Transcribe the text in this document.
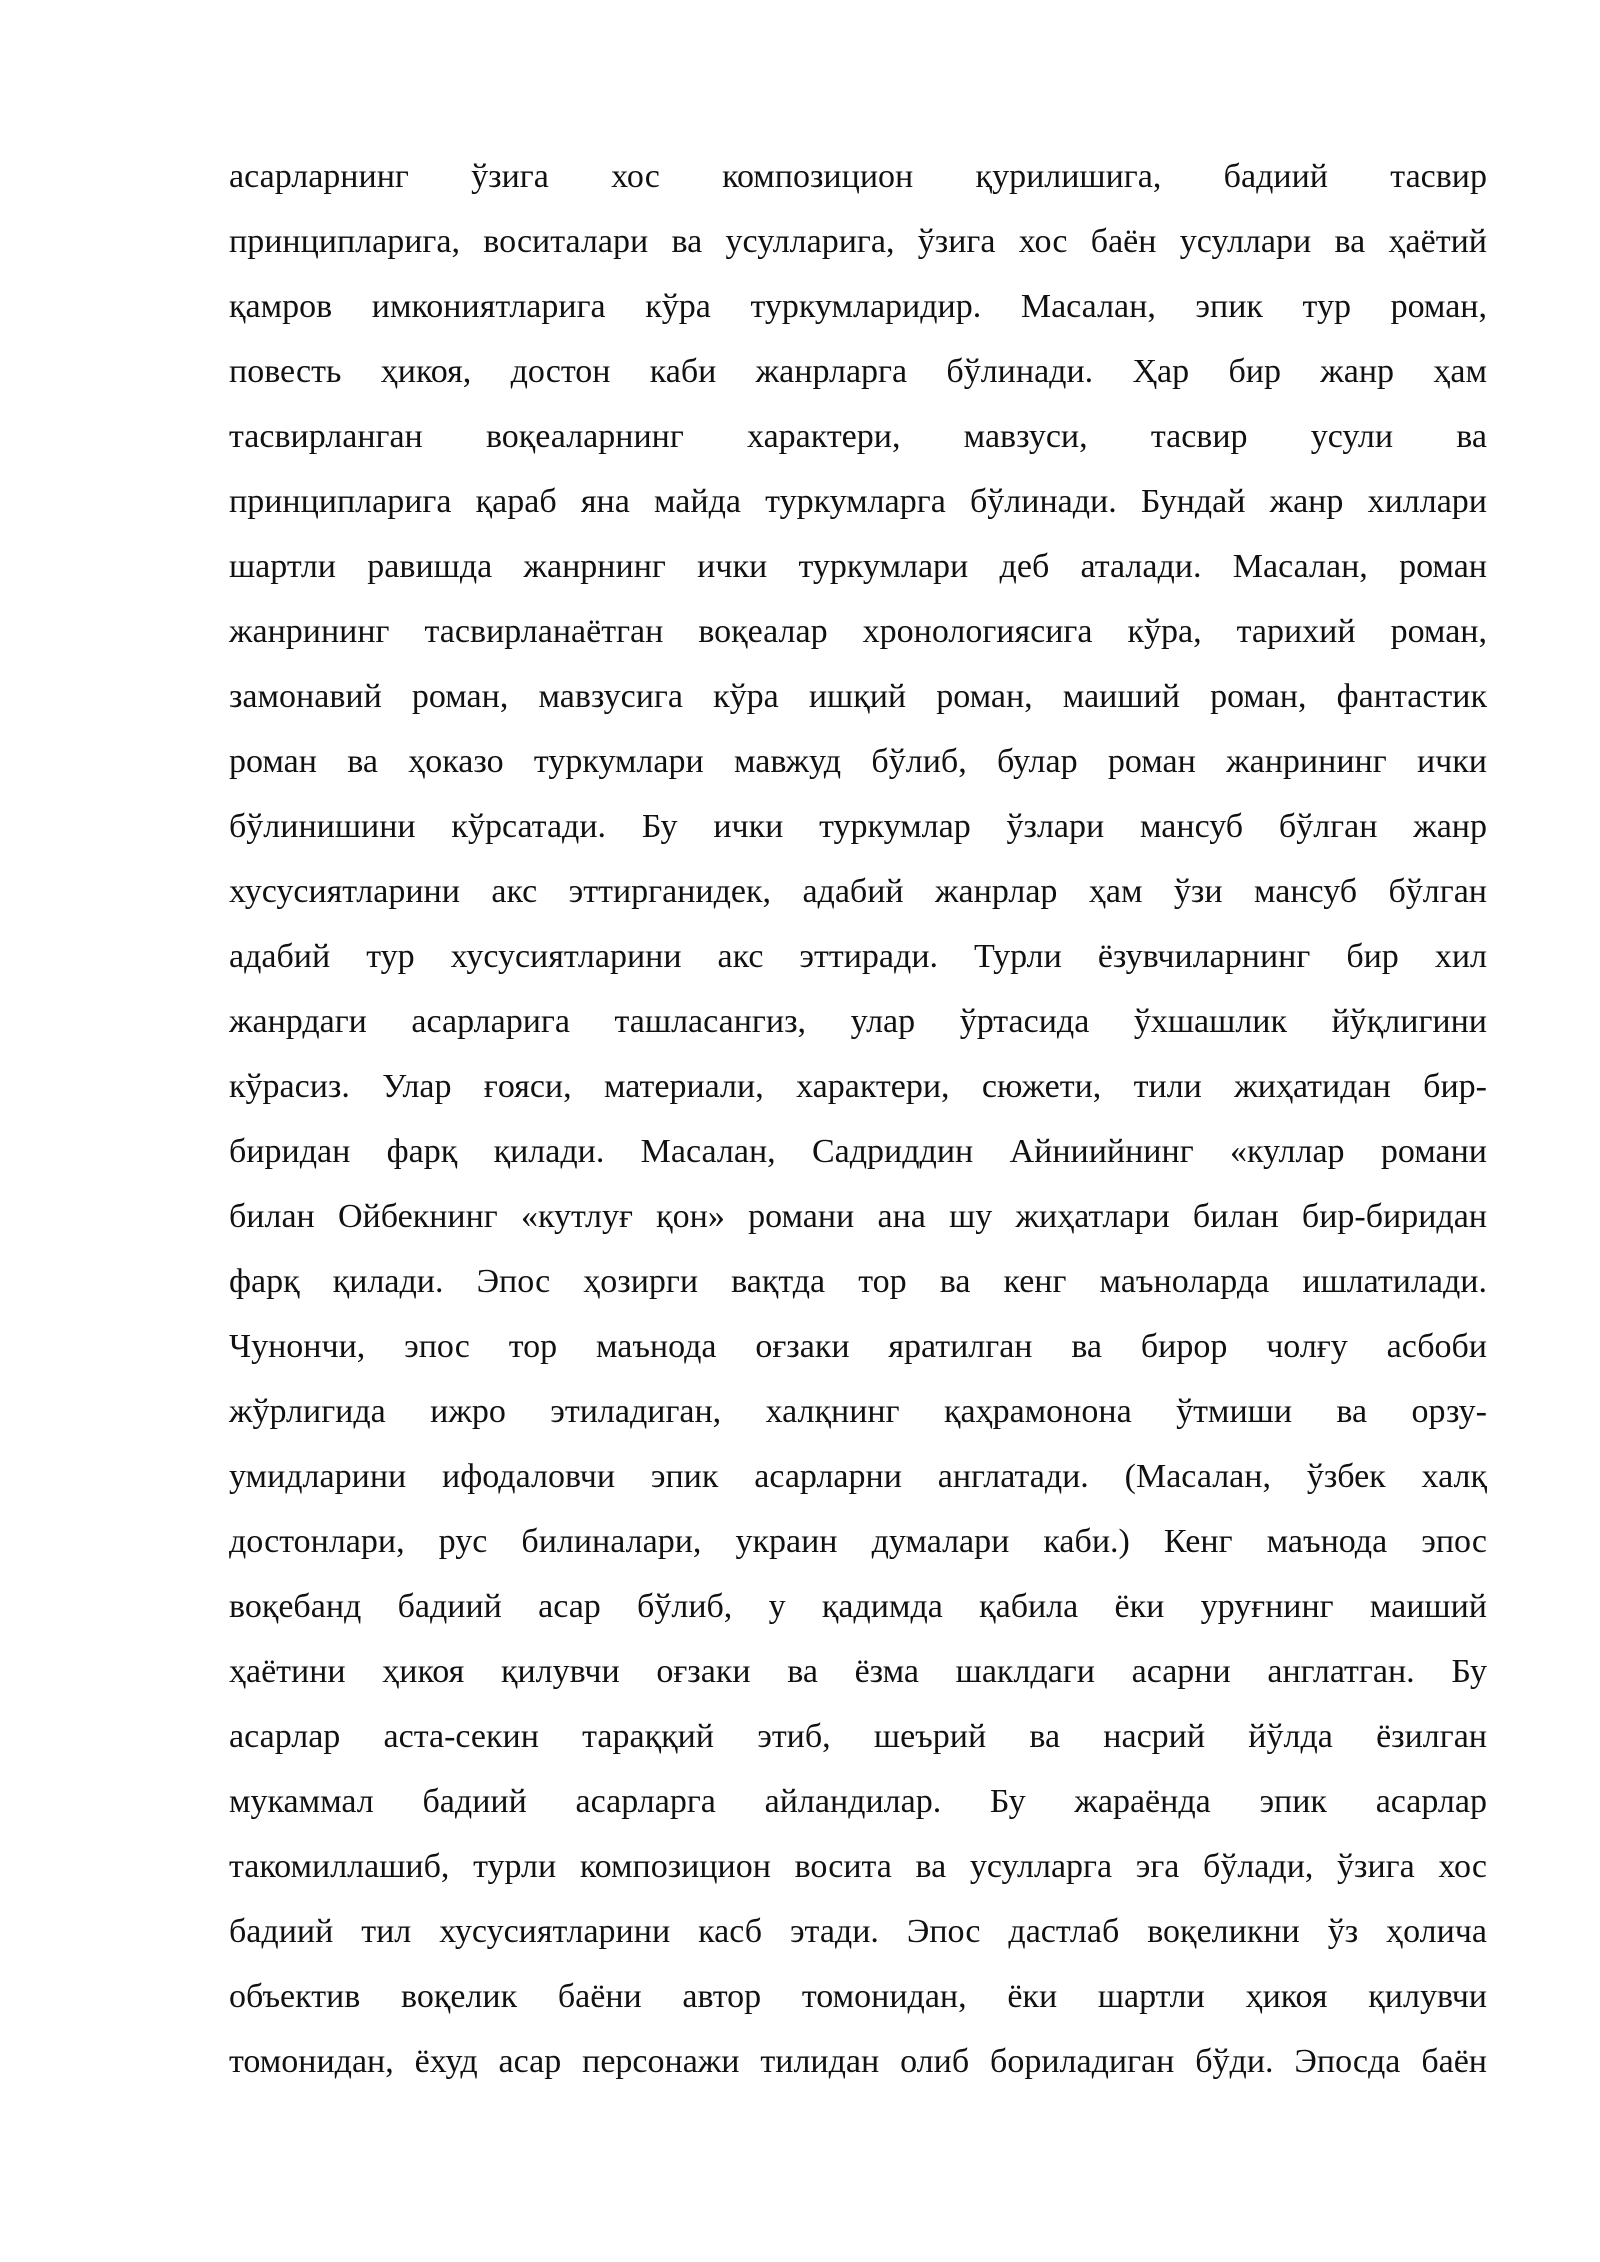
асарларнинг ўзига хос композицион қурилишига, бадиий тасвир
принципларига, воситалари ва усулларига, ўзига хос баён усуллари ва ҳаётий
қамров имкониятларига кўра туркумларидир. Масалан, эпик тур роман,
повесть ҳикоя, достон каби жанрларга бўлинади. Ҳар бир жанр ҳам
тасвирланган воқеаларнинг характери, мавзуси, тасвир усули ва
принципларига қараб яна майда туркумларга бўлинади. Бундай жанр хиллари
шартли равишда жанрнинг ички туркумлари деб аталади. Масалан, роман
жанрининг тасвирланаётган воқеалар хронологиясига кўра, тарихий роман,
замонавий роман, мавзусига кўра ишқий роман, маиший роман, фантастик
роман ва ҳоказо туркумлари мавжуд бўлиб, булар роман жанрининг ички
бўлинишини кўрсатади. Бу ички туркумлар ўзлари мансуб бўлган жанр
хусусиятларини акс эттирганидек, адабий жанрлар ҳам ўзи мансуб бўлган
адабий тур хусусиятларини акс эттиради. Турли ёзувчиларнинг бир хил
жанрдаги асарларига ташласангиз, улар ўртасида ўхшашлик йўқлигини
кўрасиз. Улар ғояси, материали, характери, сюжети, тили жиҳатидан бир-
биридан фарқ қилади. Масалан, Садриддин Айниийнинг «куллар романи
билан Ойбекнинг «кутлуғ қон» романи ана шу жиҳатлари билан бир-биридан
фарқ қилади. Эпос ҳозирги вақтда тор ва кенг маъноларда ишлатилади.
Чунончи, эпос тор маънода оғзаки яратилган ва бирор чолғу асбоби
жўрлигида ижро этиладиган, халқнинг қаҳрамонона ўтмиши ва орзу-
умидларини ифодаловчи эпик асарларни англатади. (Масалан, ўзбек халқ
достонлари, рус билиналари, украин думалари каби.) Кенг маънода эпос
воқебанд бадиий асар бўлиб, у қадимда қабила ёки уруғнинг маиший
ҳаётини ҳикоя қилувчи оғзаки ва ёзма шаклдаги асарни англатган. Бу
асарлар аста-секин тараққий этиб, шеърий ва насрий йўлда ёзилган
мукаммал бадиий асарларга айландилар. Бу жараёнда эпик асарлар
такомиллашиб, турли композицион восита ва усулларга эга бўлади, ўзига хос
бадиий тил хусусиятларини касб этади. Эпос дастлаб воқеликни ўз ҳолича
объектив воқелик баёни автор томонидан, ёки шартли ҳикоя қилувчи
томонидан, ёхуд асар персонажи тилидан олиб бориладиган бўди. Эпосда баён
